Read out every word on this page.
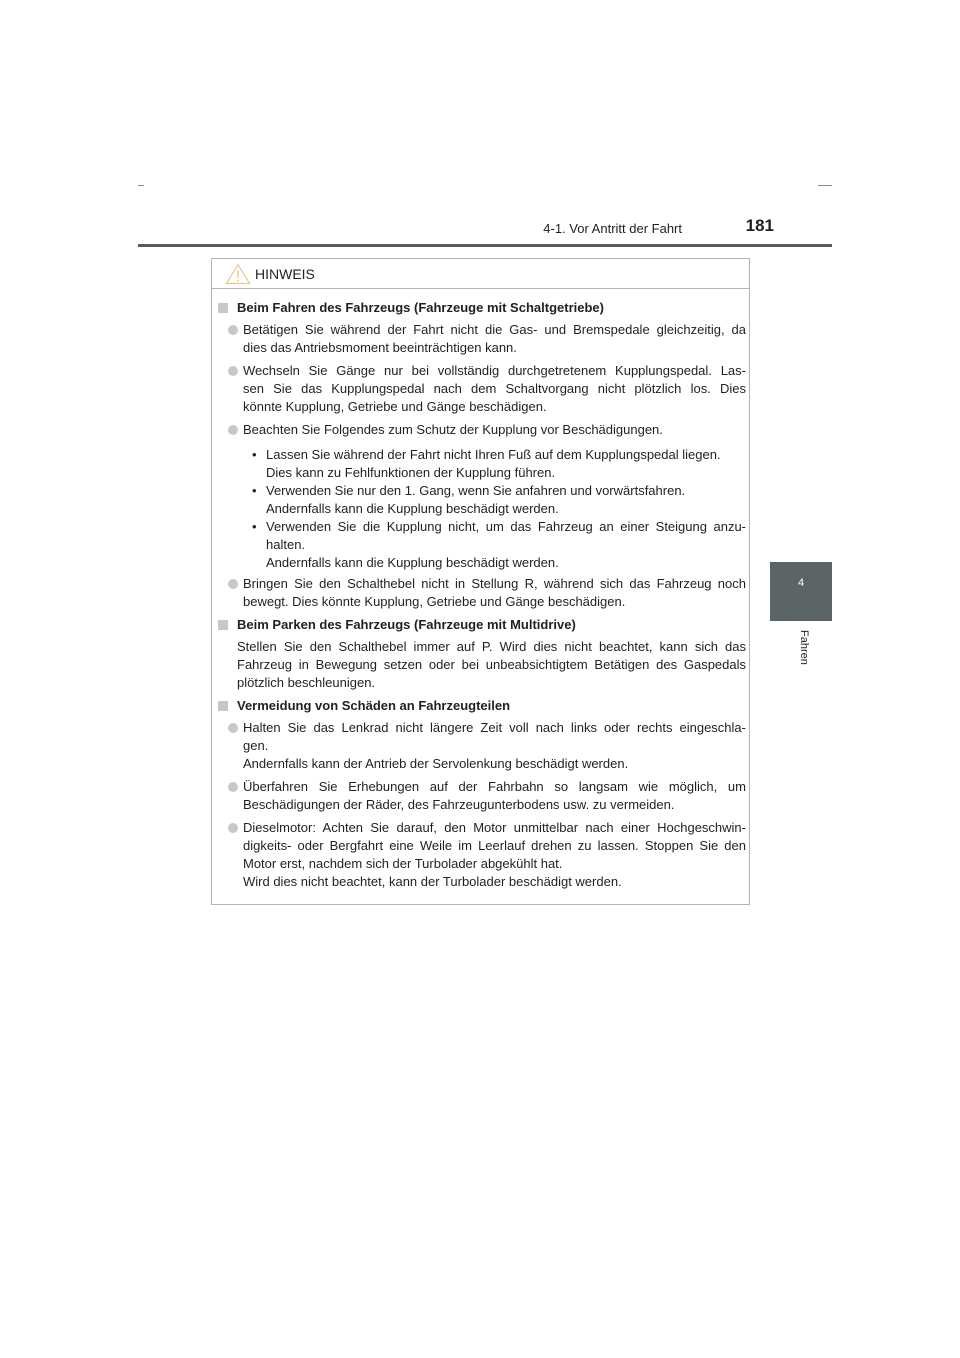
4-1. Vor Antritt der Fahrt	181
4
Fahren
HINWEIS
Beim Fahren des Fahrzeugs (Fahrzeuge mit Schaltgetriebe)
Betätigen Sie während der Fahrt nicht die Gas- und Bremspedale gleichzeitig, da
dies das Antriebsmoment beeinträchtigen kann.
Wechseln Sie Gänge nur bei vollständig durchgetretenem Kupplungspedal. Las-
sen Sie das Kupplungspedal nach dem Schaltvorgang nicht plötzlich los. Dies
könnte Kupplung, Getriebe und Gänge beschädigen.
Beachten Sie Folgendes zum Schutz der Kupplung vor Beschädigungen.
• Lassen Sie während der Fahrt nicht Ihren Fuß auf dem Kupplungspedal liegen.
Dies kann zu Fehlfunktionen der Kupplung führen.
• Verwenden Sie nur den 1. Gang, wenn Sie anfahren und vorwärtsfahren.
Andernfalls kann die Kupplung beschädigt werden.
• Verwenden Sie die Kupplung nicht, um das Fahrzeug an einer Steigung anzu-
halten.
Andernfalls kann die Kupplung beschädigt werden.
Bringen Sie den Schalthebel nicht in Stellung R, während sich das Fahrzeug noch
bewegt. Dies könnte Kupplung, Getriebe und Gänge beschädigen.
Beim Parken des Fahrzeugs (Fahrzeuge mit Multidrive)
Stellen Sie den Schalthebel immer auf P. Wird dies nicht beachtet, kann sich das
Fahrzeug in Bewegung setzen oder bei unbeabsichtigtem Betätigen des Gaspedals
plötzlich beschleunigen.
Vermeidung von Schäden an Fahrzeugteilen
Halten Sie das Lenkrad nicht längere Zeit voll nach links oder rechts eingeschla-
gen.
Andernfalls kann der Antrieb der Servolenkung beschädigt werden.
Überfahren Sie Erhebungen auf der Fahrbahn so langsam wie möglich, um
Beschädigungen der Räder, des Fahrzeugunterbodens usw. zu vermeiden.
Dieselmotor: Achten Sie darauf, den Motor unmittelbar nach einer Hochgeschwin-
digkeits- oder Bergfahrt eine Weile im Leerlauf drehen zu lassen. Stoppen Sie den
Motor erst, nachdem sich der Turbolader abgekühlt hat.
Wird dies nicht beachtet, kann der Turbolader beschädigt werden.
